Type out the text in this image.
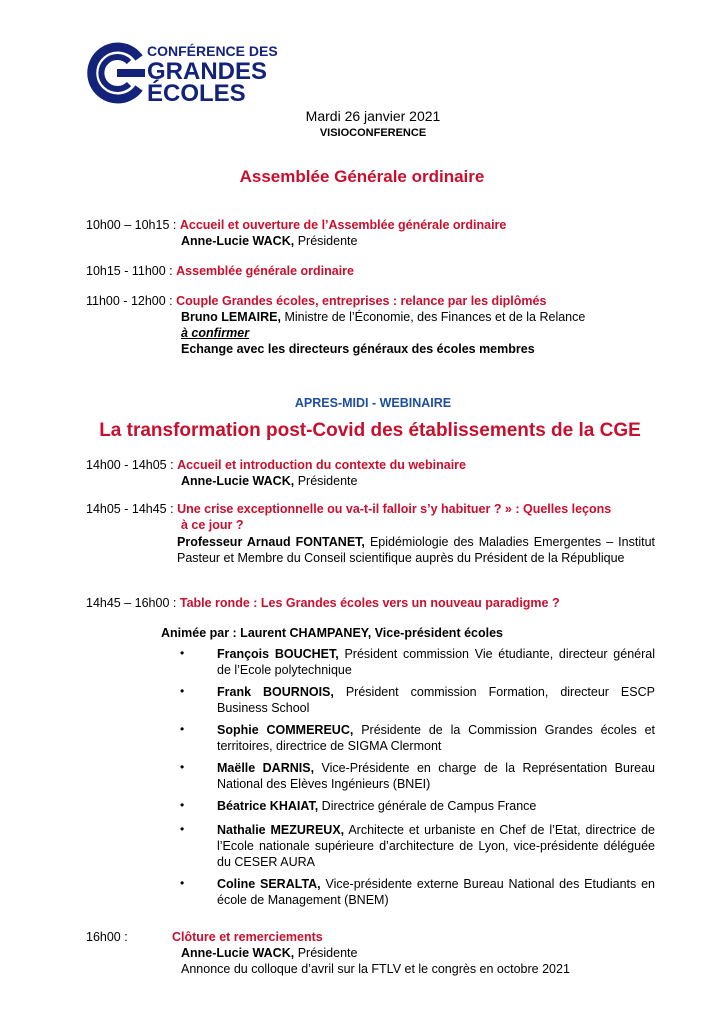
CONFÉRENCE DES
GRANDES
ÉCOLES
Mardi 26 janvier 2021
VISIOCONFERENCE
Assemblée Générale ordinaire
10h00 – 10h15 : Accueil et ouverture de l’Assemblée générale ordinaire
Anne-Lucie WACK, Présidente
10h15 - 11h00 : Assemblée générale ordinaire
11h00 - 12h00 : Couple Grandes écoles, entreprises : relance par les diplômés
Bruno LEMAIRE, Ministre de l’Économie, des Finances et de la Relance
à confirmer
Echange avec les directeurs généraux des écoles membres
APRES-MIDI - WEBINAIRE
La transformation post-Covid des établissements de la CGE
14h00 - 14h05 : Accueil et introduction du contexte du webinaire
Anne-Lucie WACK, Présidente
14h05 - 14h45 : Une crise exceptionnelle ou va-t-il falloir s’y habituer ? » : Quelles leçons
à ce jour ?
Professeur Arnaud FONTANET, Epidémiologie des Maladies Emergentes – Institut Pasteur et Membre du Conseil scientifique auprès du Président de la République
14h45 – 16h00 : Table ronde : Les Grandes écoles vers un nouveau paradigme ?
Animée par : Laurent CHAMPANEY, Vice-président écoles
•	François BOUCHET, Président commission Vie étudiante, directeur général de l’Ecole polytechnique
•	Frank BOURNOIS, Président commission Formation, directeur ESCP Business School
•	Sophie COMMEREUC, Présidente de la Commission Grandes écoles et territoires, directrice de SIGMA Clermont
•	Maëlle DARNIS, Vice-Présidente en charge de la Représentation Bureau National des Elèves Ingénieurs (BNEI)
•	Béatrice KHAIAT, Directrice générale de Campus France
•	Nathalie MEZUREUX, Architecte et urbaniste en Chef de l’Etat, directrice de l’Ecole nationale supérieure d’architecture de Lyon, vice-présidente déléguée du CESER AURA
•	Coline SERALTA, Vice-présidente externe Bureau National des Etudiants en école de Management (BNEM)
16h00 :	Clôture et remerciements
Anne-Lucie WACK, Présidente
Annonce du colloque d’avril sur la FTLV et le congrès en octobre 2021
